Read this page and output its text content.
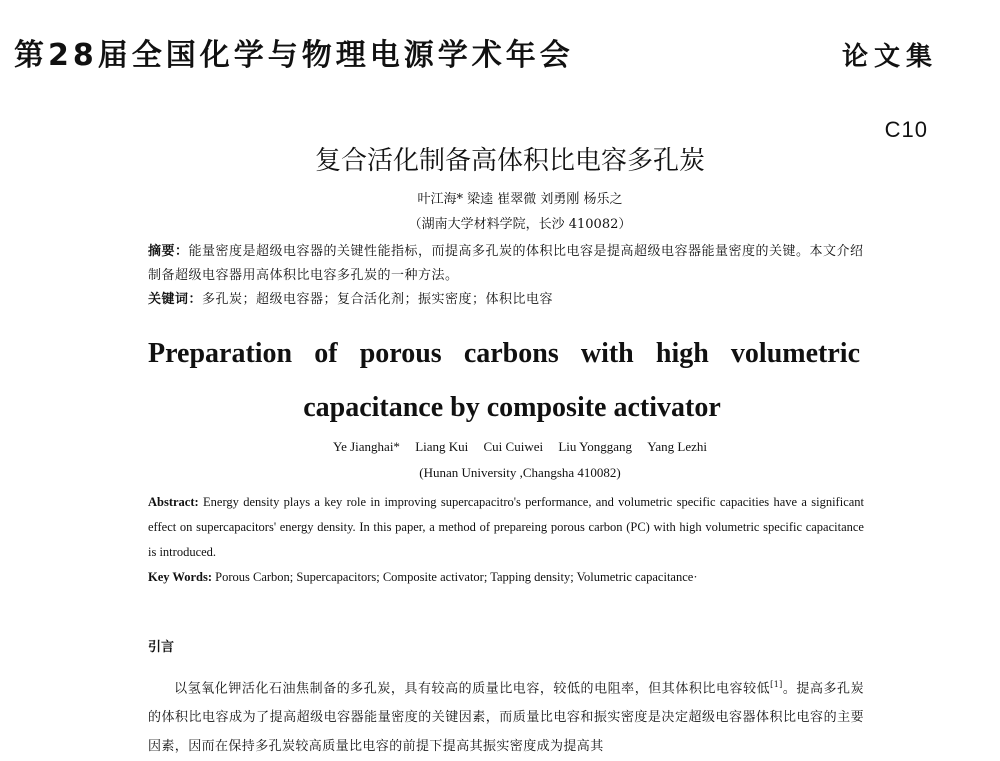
第28届全国化学与物理电源学术年会	论文集
C10
复合活化制备高体积比电容多孔炭
叶江海* 梁逵 崔翠微 刘勇刚 杨乐之
（湖南大学材料学院，长沙 410082）
摘要：能量密度是超级电容器的关键性能指标，而提高多孔炭的体积比电容是提高超级电容器能量密度的关键。本文介绍制备超级电容器用高体积比电容多孔炭的一种方法。
关键词：多孔炭；超级电容器；复合活化剂；振实密度；体积比电容
Preparation of porous carbons with high volumetric
capacitance by composite activator
Ye Jianghai* Liang Kui Cui Cuiwei Liu Yonggang Yang Lezhi
(Hunan University ,Changsha 410082)
Abstract: Energy density plays a key role in improving supercapacitro's performance, and volumetric specific capacities have a significant effect on supercapacitors' energy density. In this paper, a method of prepareing porous carbon (PC) with high volumetric specific capacitance is introduced.
Key Words: Porous Carbon; Supercapacitors; Composite activator; Tapping density; Volumetric capacitance·
引言
以氢氧化钾活化石油焦制备的多孔炭，具有较高的质量比电容，较低的电阻率，但其体积比电容较低[1]。提高多孔炭的体积比电容成为了提高超级电容器能量密度的关键因素，而质量比电容和振实密度是决定超级电容器体积比电容的主要因素，因而在保持多孔炭较高质量比电容的前提下提高其振实密度成为提高其
